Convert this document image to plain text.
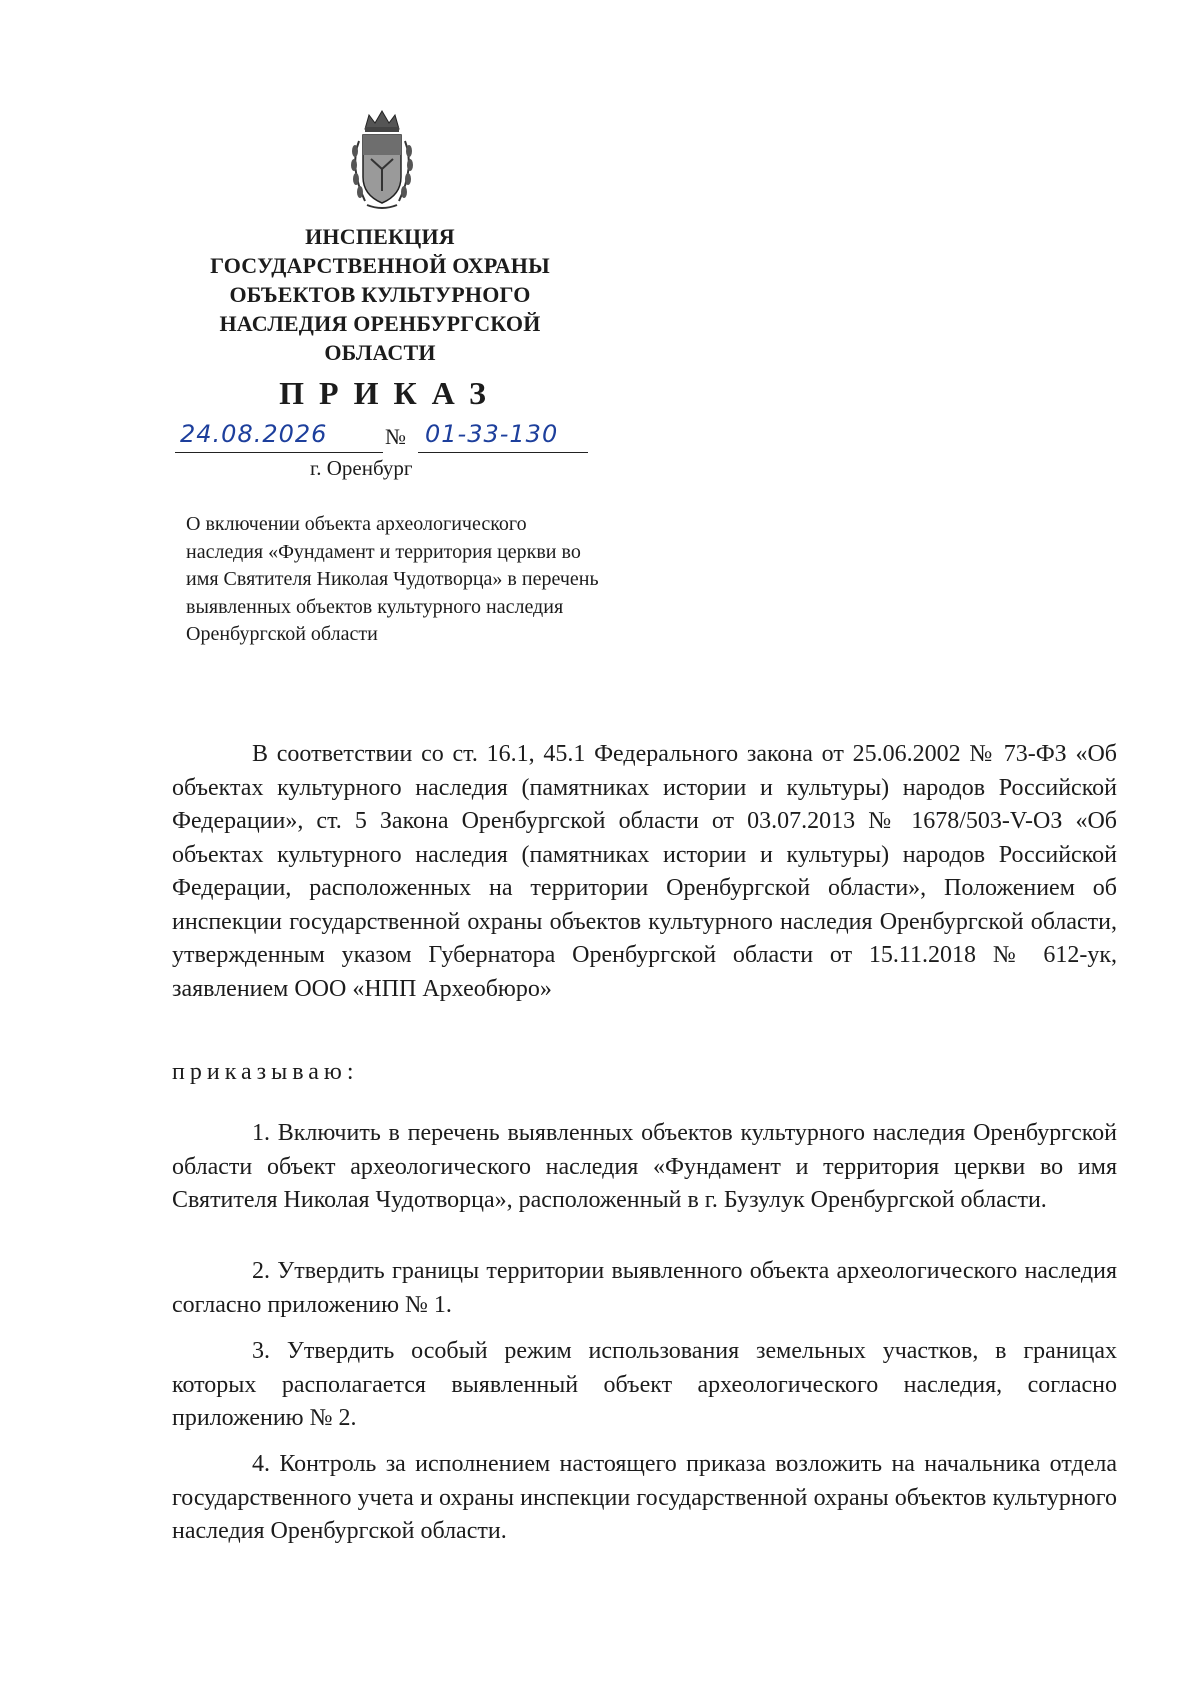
ИНСПЕКЦИЯ
ГОСУДАРСТВЕННОЙ ОХРАНЫ
ОБЪЕКТОВ КУЛЬТУРНОГО
НАСЛЕДИЯ ОРЕНБУРГСКОЙ
ОБЛАСТИ
ПРИКАЗ
24.08.2026	№ 01-33-130
г. Оренбург
О включении объекта археологического наследия «Фундамент и территория церкви во имя Святителя Николая Чудотворца» в перечень выявленных объектов культурного наследия Оренбургской области

В соответствии со ст. 16.1, 45.1 Федерального закона от 25.06.2002 № 73-ФЗ «Об объектах культурного наследия (памятниках истории и культуры) народов Российской Федерации», ст. 5 Закона Оренбургской области от 03.07.2013 № 1678/503-V-ОЗ «Об объектах культурного наследия (памятниках истории и культуры) народов Российской Федерации, расположенных на территории Оренбургской области», Положением об инспекции государственной охраны объектов культурного наследия Оренбургской области, утвержденным указом Губернатора Оренбургской области от 15.11.2018 № 612-ук, заявлением ООО «НПП Археобюро»

приказываю:

1. Включить в перечень выявленных объектов культурного наследия Оренбургской области объект археологического наследия «Фундамент и территория церкви во имя Святителя Николая Чудотворца», расположенный в г. Бузулук Оренбургской области.

2. Утвердить границы территории выявленного объекта археологического наследия согласно приложению № 1.

3. Утвердить особый режим использования земельных участков, в границах которых располагается выявленный объект археологического наследия, согласно приложению № 2.

4. Контроль за исполнением настоящего приказа возложить на начальника отдела государственного учета и охраны инспекции государственной охраны объектов культурного наследия Оренбургской области.
